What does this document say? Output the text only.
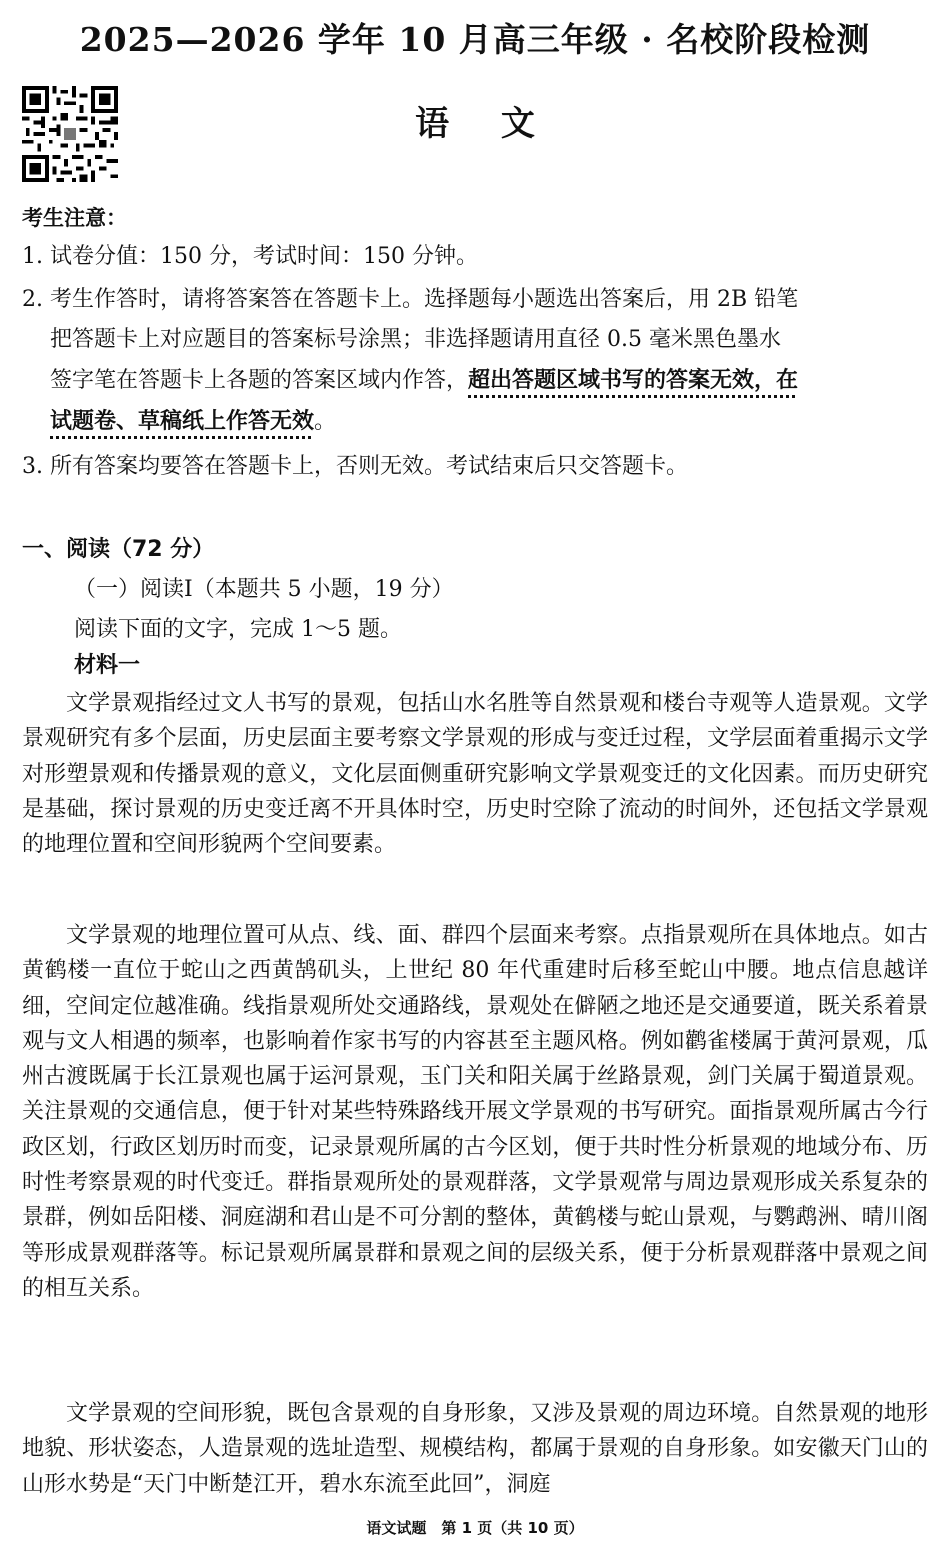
2025—2026 学年 10 月高三年级 · 名校阶段检测
语 文
考生注意：
1. 试卷分值：150 分，考试时间：150 分钟。
2. 考生作答时，请将答案答在答题卡上。选择题每小题选出答案后，用 2B 铅笔
把答题卡上对应题目的答案标号涂黑；非选择题请用直径 0.5 毫米黑色墨水
签字笔在答题卡上各题的答案区域内作答，超出答题区域书写的答案无效，在
试题卷、草稿纸上作答无效。
3. 所有答案均要答在答题卡上，否则无效。考试结束后只交答题卡。
一、阅读（72 分）
（一）阅读Ⅰ（本题共 5 小题，19 分）
阅读下面的文字，完成 1～5 题。
材料一
文学景观指经过文人书写的景观，包括山水名胜等自然景观和楼台寺观等人造景观。文学景观研究有多个层面，历史层面主要考察文学景观的形成与变迁过程，文学层面着重揭示文学对形塑景观和传播景观的意义，文化层面侧重研究影响文学景观变迁的文化因素。而历史研究是基础，探讨景观的历史变迁离不开具体时空，历史时空除了流动的时间外，还包括文学景观的地理位置和空间形貌两个空间要素。
文学景观的地理位置可从点、线、面、群四个层面来考察。点指景观所在具体地点。如古黄鹤楼一直位于蛇山之西黄鹄矶头，上世纪 80 年代重建时后移至蛇山中腰。地点信息越详细，空间定位越准确。线指景观所处交通路线，景观处在僻陋之地还是交通要道，既关系着景观与文人相遇的频率，也影响着作家书写的内容甚至主题风格。例如鹳雀楼属于黄河景观，瓜州古渡既属于长江景观也属于运河景观，玉门关和阳关属于丝路景观，剑门关属于蜀道景观。关注景观的交通信息，便于针对某些特殊路线开展文学景观的书写研究。面指景观所属古今行政区划，行政区划历时而变，记录景观所属的古今区划，便于共时性分析景观的地域分布、历时性考察景观的时代变迁。群指景观所处的景观群落，文学景观常与周边景观形成关系复杂的景群，例如岳阳楼、洞庭湖和君山是不可分割的整体，黄鹤楼与蛇山景观，与鹦鹉洲、晴川阁等形成景观群落等。标记景观所属景群和景观之间的层级关系，便于分析景观群落中景观之间的相互关系。
文学景观的空间形貌，既包含景观的自身形象，又涉及景观的周边环境。自然景观的地形地貌、形状姿态，人造景观的选址造型、规模结构，都属于景观的自身形象。如安徽天门山的山形水势是“天门中断楚江开，碧水东流至此回”，洞庭
语文试题　第 1 页（共 10 页）
